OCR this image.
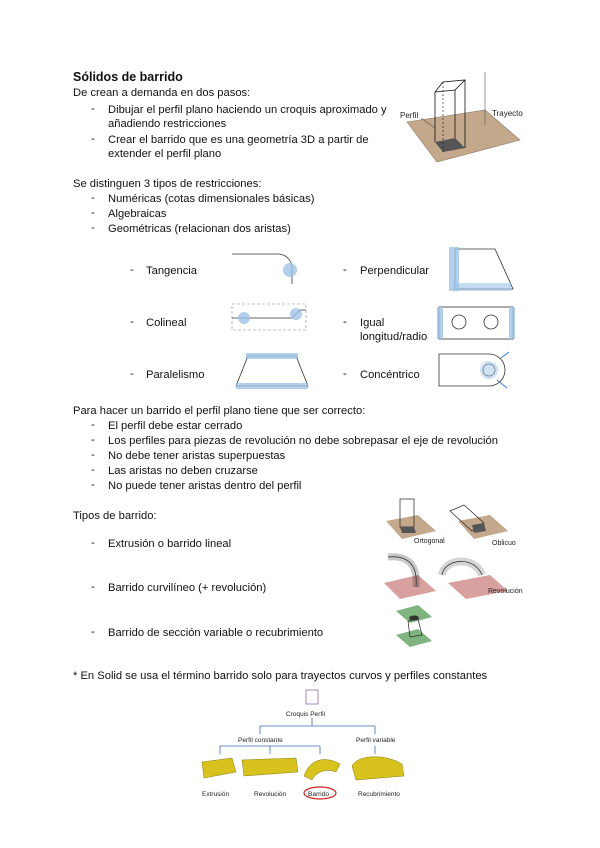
Sólidos de barrido
De crean a demanda en dos pasos:
- Dibujar el perfil plano haciendo un croquis aproximado y
añadiendo restricciones
- Crear el barrido que es una geometría 3D a partir de
extender el perfil plano
Perfil	Trayecto
Se distinguen 3 tipos de restricciones:
- Numéricas (cotas dimensionales básicas)
- Algebraicas
- Geométricas (relacionan dos aristas)
- Tangencia	- Perpendicular
- Colineal	- Igual
longitud/radio
- Paralelismo	- Concéntrico
Para hacer un barrido el perfil plano tiene que ser correcto:
- El perfil debe estar cerrado
- Los perfiles para piezas de revolución no debe sobrepasar el eje de revolución
- No debe tener aristas superpuestas
- Las aristas no deben cruzarse
- No puede tener aristas dentro del perfil
Tipos de barrido:
- Extrusión o barrido lineal
- Barrido curvilíneo (+ revolución)
- Barrido de sección variable o recubrimiento
Ortogonal	Oblicuo
Revolución
* En Solid se usa el término barrido solo para trayectos curvos y perfiles constantes
Croquis Perfil
Perfil constante	Perfil variable
Extrusión	Revolución	Barrido	Recubrimiento
